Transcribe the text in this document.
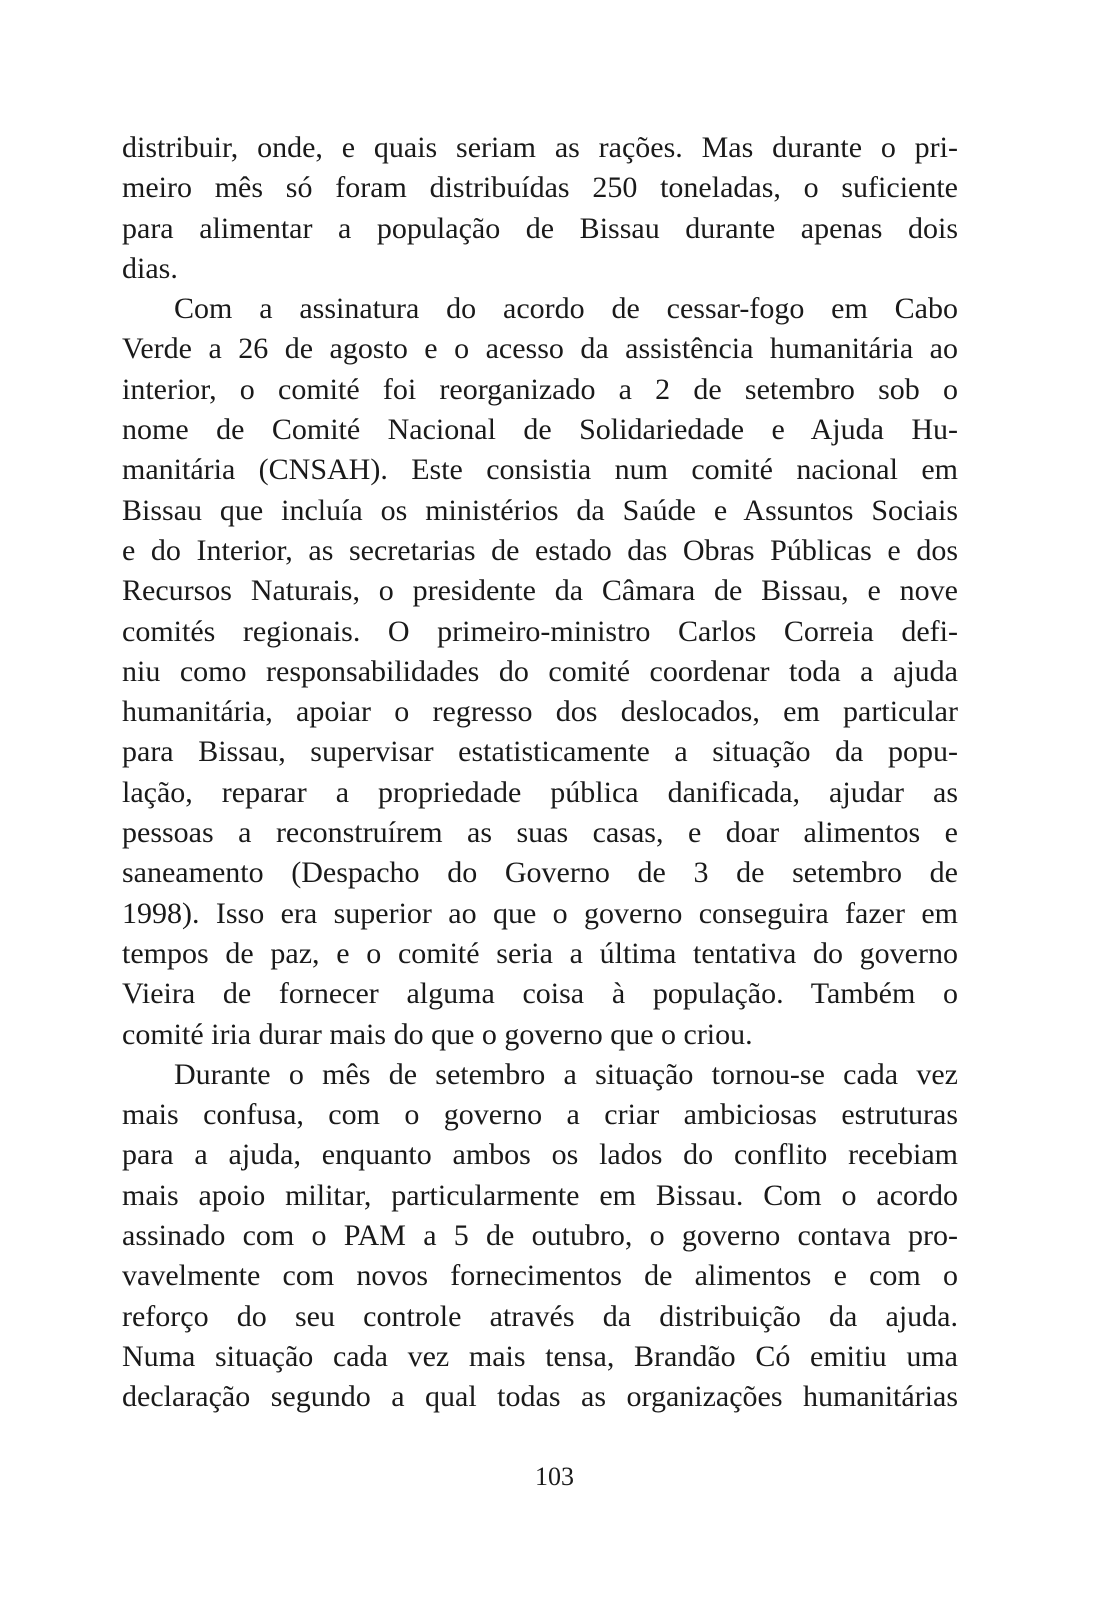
distribuir, onde, e quais seriam as rações. Mas durante o pri-
meiro mês só foram distribuídas 250 toneladas, o suficiente
para alimentar a população de Bissau durante apenas dois
dias.
Com a assinatura do acordo de cessar-fogo em Cabo
Verde a 26 de agosto e o acesso da assistência humanitária ao
interior, o comité foi reorganizado a 2 de setembro sob o
nome de Comité Nacional de Solidariedade e Ajuda Hu-
manitária (CNSAH). Este consistia num comité nacional em
Bissau que incluía os ministérios da Saúde e Assuntos Sociais
e do Interior, as secretarias de estado das Obras Públicas e dos
Recursos Naturais, o presidente da Câmara de Bissau, e nove
comités regionais. O primeiro-ministro Carlos Correia defi-
niu como responsabilidades do comité coordenar toda a ajuda
humanitária, apoiar o regresso dos deslocados, em particular
para Bissau, supervisar estatisticamente a situação da popu-
lação, reparar a propriedade pública danificada, ajudar as
pessoas a reconstruírem as suas casas, e doar alimentos e
saneamento (Despacho do Governo de 3 de setembro de
1998). Isso era superior ao que o governo conseguira fazer em
tempos de paz, e o comité seria a última tentativa do governo
Vieira de fornecer alguma coisa à população. Também o
comité iria durar mais do que o governo que o criou.
Durante o mês de setembro a situação tornou-se cada vez
mais confusa, com o governo a criar ambiciosas estruturas
para a ajuda, enquanto ambos os lados do conflito recebiam
mais apoio militar, particularmente em Bissau. Com o acordo
assinado com o PAM a 5 de outubro, o governo contava pro-
vavelmente com novos fornecimentos de alimentos e com o
reforço do seu controle através da distribuição da ajuda.
Numa situação cada vez mais tensa, Brandão Có emitiu uma
declaração segundo a qual todas as organizações humanitárias
103
